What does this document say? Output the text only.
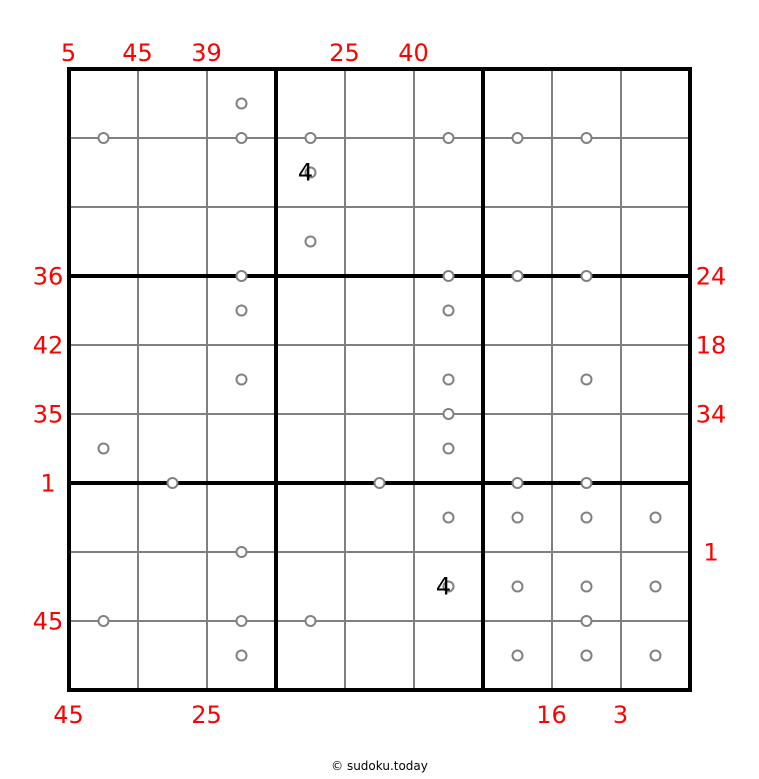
4
4
5 45 39	25 40
45	25	16 3
36
42
35
1
45
24
18
34
1
© sudoku.today
